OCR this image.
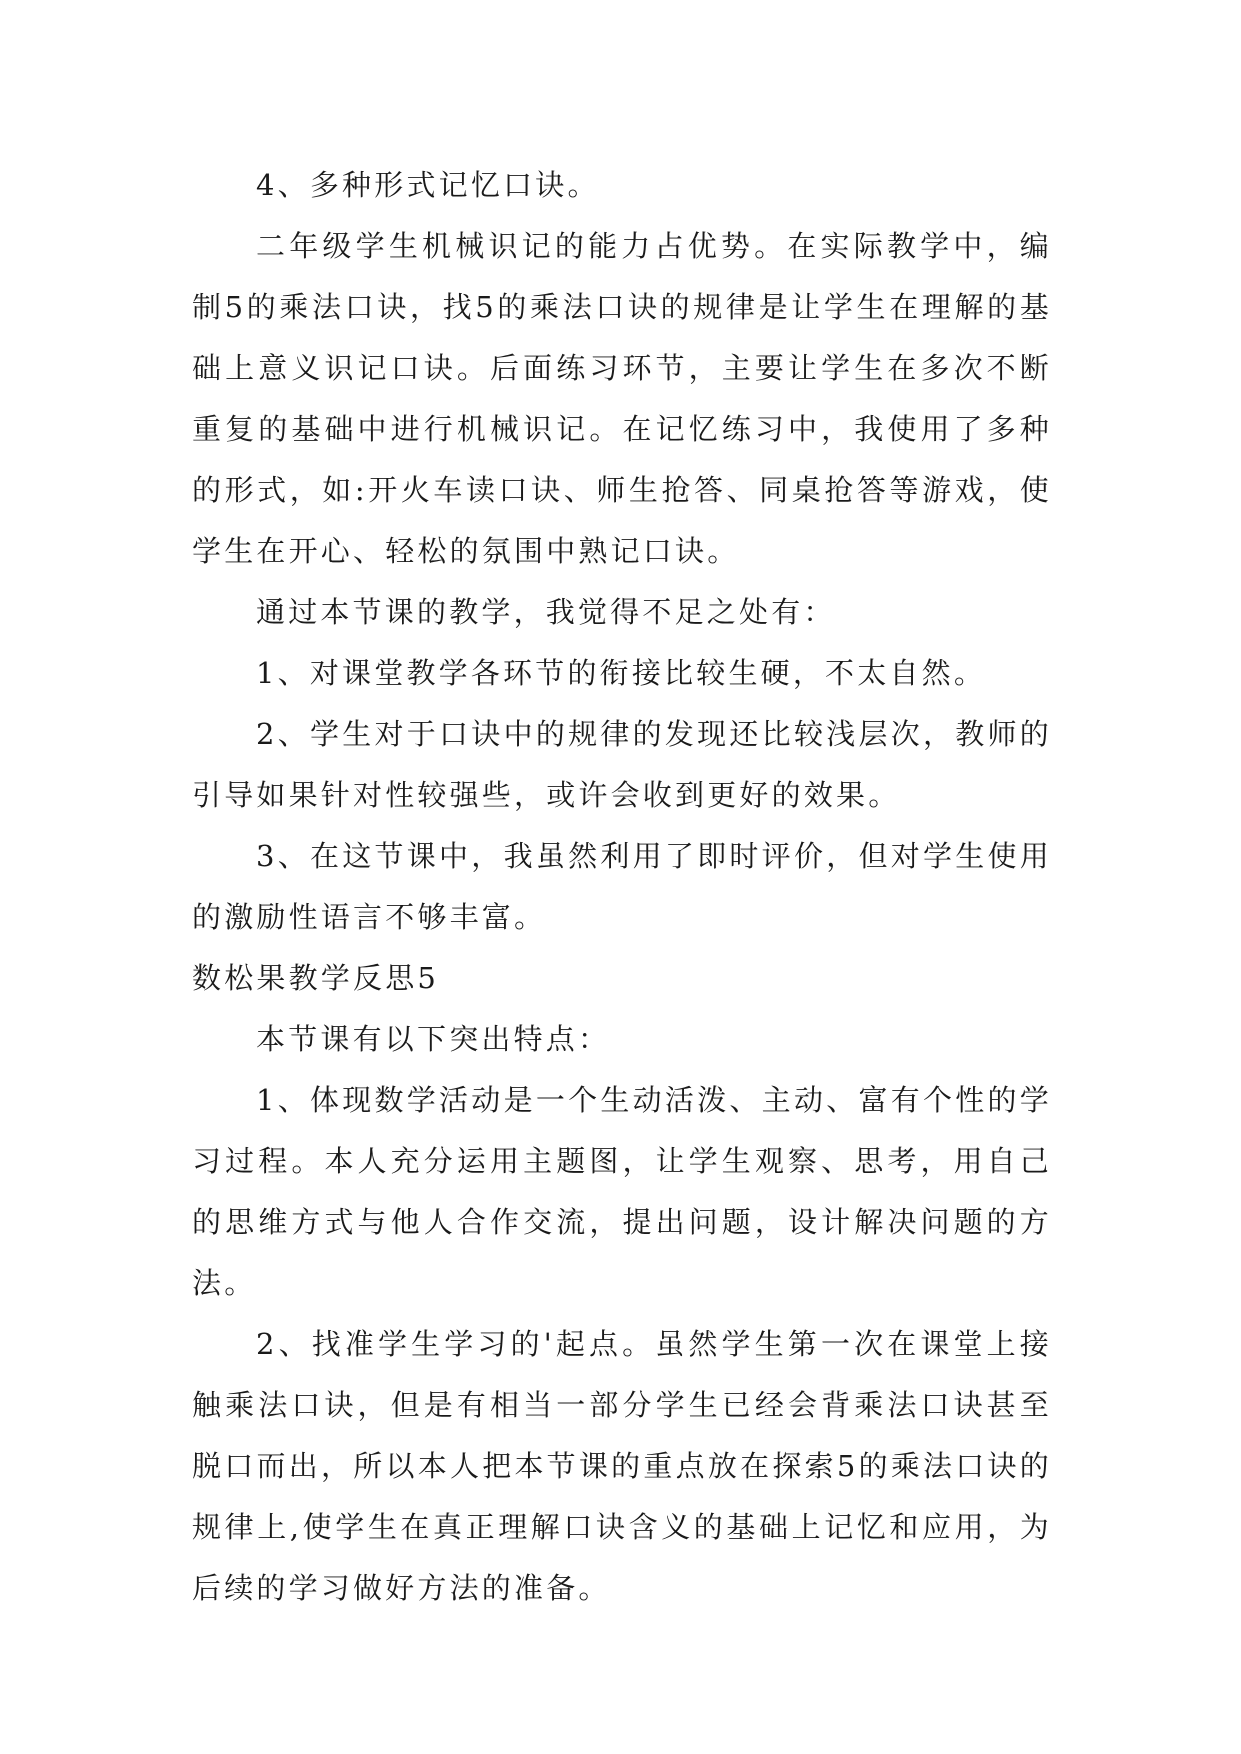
4、多种形式记忆口诀。

二年级学生机械识记的能力占优势。在实际教学中，编制5的乘法口诀，找5的乘法口诀的规律是让学生在理解的基础上意义识记口诀。后面练习环节，主要让学生在多次不断重复的基础中进行机械识记。在记忆练习中，我使用了多种的形式，如:开火车读口诀、师生抢答、同桌抢答等游戏，使学生在开心、轻松的氛围中熟记口诀。

通过本节课的教学，我觉得不足之处有：

1、对课堂教学各环节的衔接比较生硬，不太自然。

2、学生对于口诀中的规律的发现还比较浅层次，教师的引导如果针对性较强些，或许会收到更好的效果。

3、在这节课中，我虽然利用了即时评价，但对学生使用的激励性语言不够丰富。

数松果教学反思5

本节课有以下突出特点：

1、体现数学活动是一个生动活泼、主动、富有个性的学习过程。本人充分运用主题图，让学生观察、思考，用自己的思维方式与他人合作交流，提出问题，设计解决问题的方法。

2、找准学生学习的'起点。虽然学生第一次在课堂上接触乘法口诀，但是有相当一部分学生已经会背乘法口诀甚至脱口而出，所以本人把本节课的重点放在探索5的乘法口诀的规律上,使学生在真正理解口诀含义的基础上记忆和应用，为后续的学习做好方法的准备。
